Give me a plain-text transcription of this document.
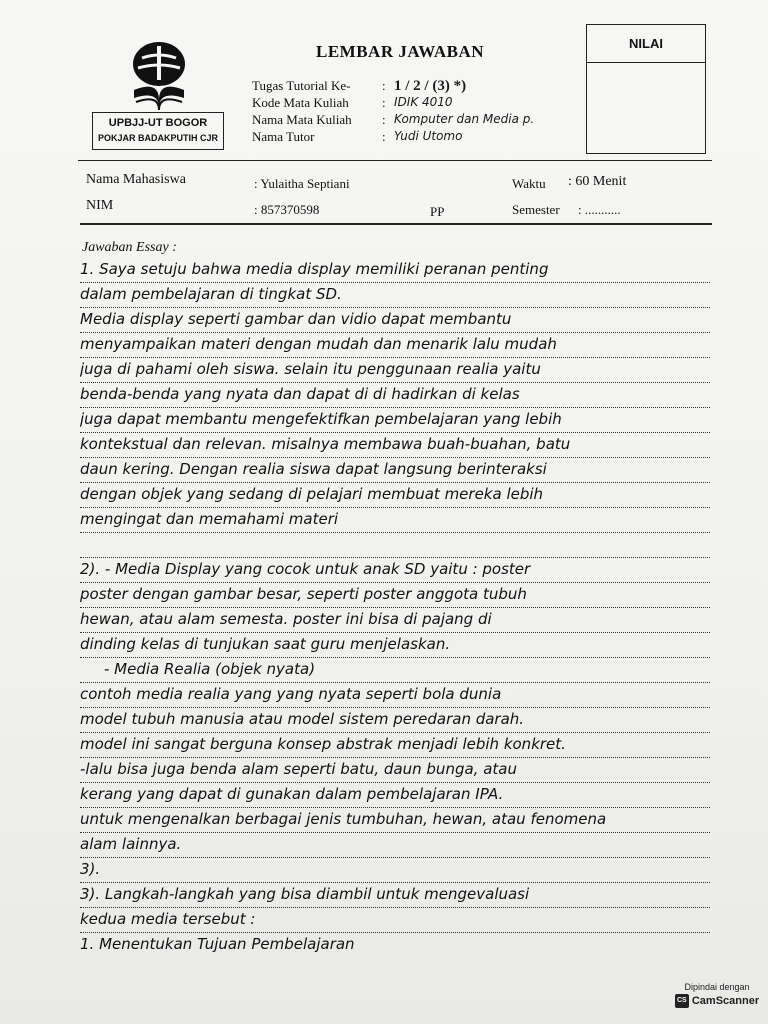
UPBJJ-UT BOGOR
POKJAR BADAKPUTIH CJR
LEMBAR JAWABAN
Tugas Tutorial Ke-	: 1 / 2 / (3) *)
Kode Mata Kuliah	: IDIK 4010
Nama Mata Kuliah	: Komputer dan Media p.
Nama Tutor	: Yudi Utomo
NILAI
Nama Mahasiswa	: Yulaitha Septiani	Waktu : 60 Menit
NIM	: 857370598	PP	Semester : ...........
Jawaban Essay :
1. Saya setuju bahwa media display memiliki peranan penting
dalam pembelajaran di tingkat SD.
Media display seperti gambar dan vidio dapat membantu
menyampaikan materi dengan mudah dan menarik lalu mudah
juga di pahami oleh siswa. selain itu penggunaan realia yaitu
benda-benda yang nyata dan dapat di di hadirkan di kelas
juga dapat membantu mengefektifkan pembelajaran yang lebih
kontekstual dan relevan. misalnya membawa buah-buahan, batu
daun kering. Dengan realia siswa dapat langsung berinteraksi
dengan objek yang sedang di pelajari membuat mereka lebih
mengingat dan memahami materi
2). - Media Display yang cocok untuk anak SD yaitu : poster
poster dengan gambar besar, seperti poster anggota tubuh
hewan, atau alam semesta. poster ini bisa di pajang di
dinding kelas di tunjukan saat guru menjelaskan.
- Media Realia (objek nyata)
contoh media realia yang yang nyata seperti bola dunia
model tubuh manusia atau model sistem peredaran darah.
model ini sangat berguna konsep abstrak menjadi lebih konkret.
-lalu bisa juga benda alam seperti batu, daun bunga, atau
kerang yang dapat di gunakan dalam pembelajaran IPA.
untuk mengenalkan berbagai jenis tumbuhan, hewan, atau fenomena
alam lainnya.
3).
3). Langkah-langkah yang bisa diambil untuk mengevaluasi
kedua media tersebut :
1. Menentukan Tujuan Pembelajaran
Dipindai dengan
CS CamScanner
